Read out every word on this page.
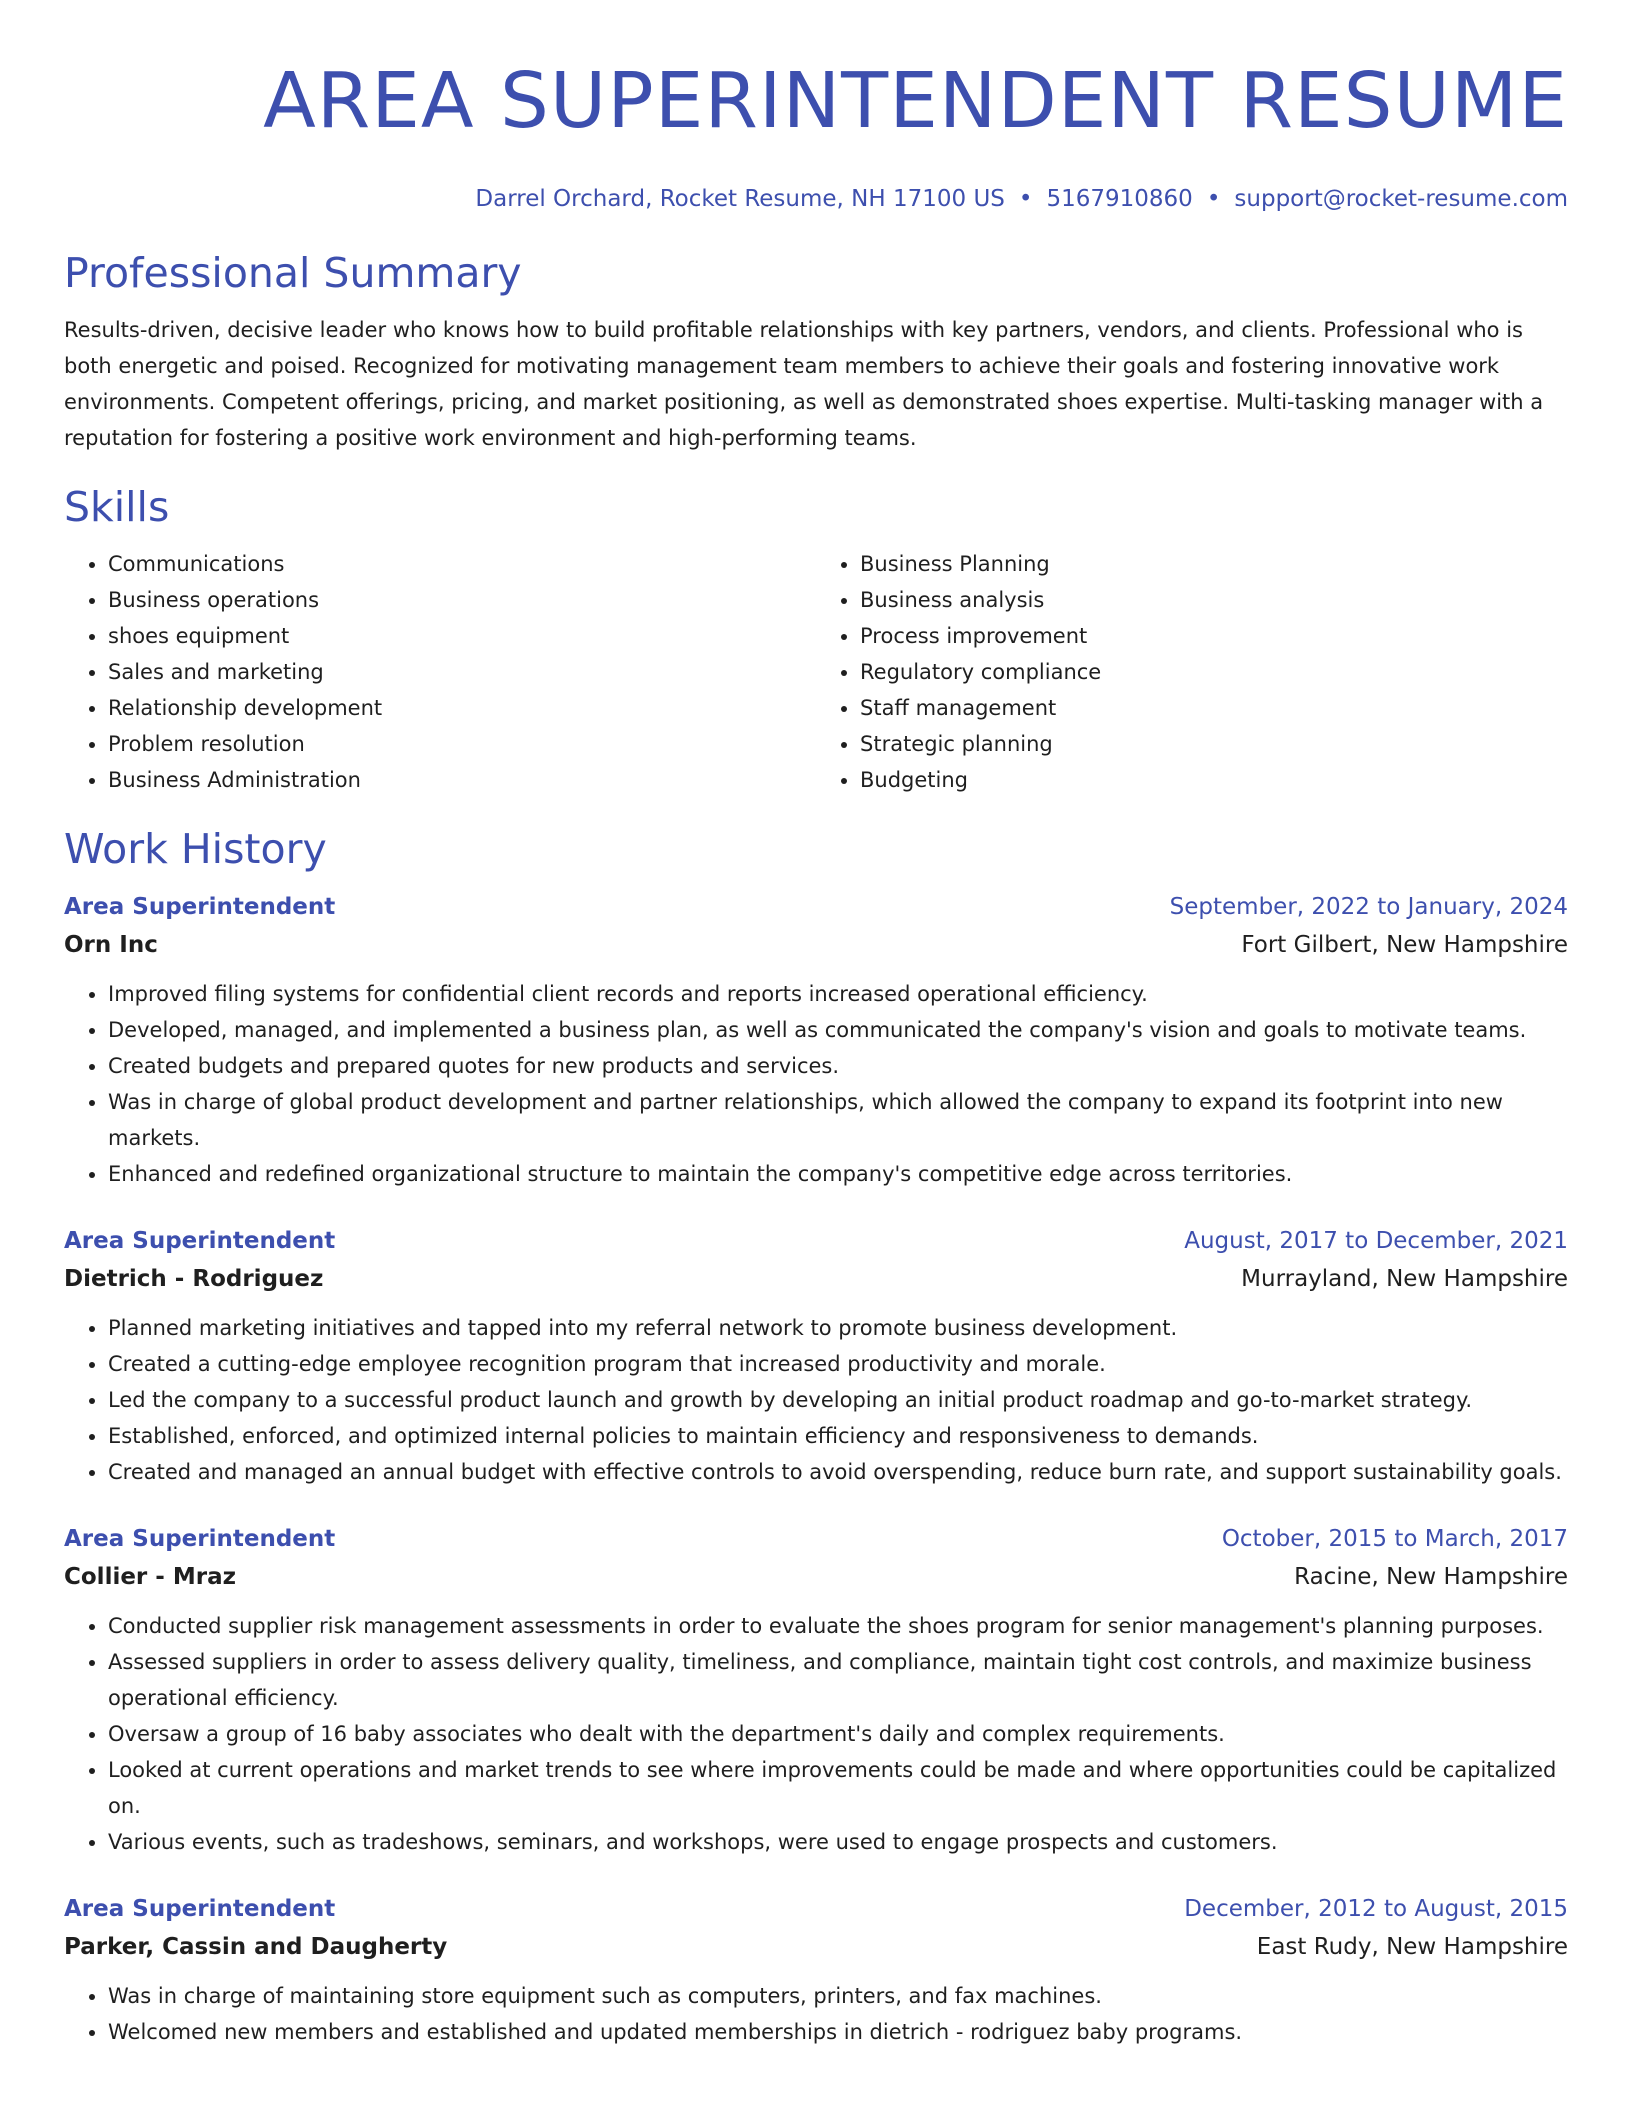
AREA SUPERINTENDENT RESUME
Darrel Orchard, Rocket Resume, NH 17100 US • 5167910860 • support@rocket-resume.com
Professional Summary

Results-driven, decisive leader who knows how to build profitable relationships with key partners, vendors, and clients. Professional who is both energetic and poised. Recognized for motivating management team members to achieve their goals and fostering innovative work environments. Competent offerings, pricing, and market positioning, as well as demonstrated shoes expertise. Multi-tasking manager with a reputation for fostering a positive work environment and high-performing teams.

Skills
• Communications
• Business operations
• shoes equipment
• Sales and marketing
• Relationship development
• Problem resolution
• Business Administration
• Business Planning
• Business analysis
• Process improvement
• Regulatory compliance
• Staff management
• Strategic planning
• Budgeting
Work History
Area Superintendent	September, 2022 to January, 2024
Orn Inc	Fort Gilbert, New Hampshire
• Improved filing systems for confidential client records and reports increased operational efficiency.
• Developed, managed, and implemented a business plan, as well as communicated the company's vision and goals to motivate teams.
• Created budgets and prepared quotes for new products and services.
• Was in charge of global product development and partner relationships, which allowed the company to expand its footprint into new markets.
• Enhanced and redefined organizational structure to maintain the company's competitive edge across territories.
Area Superintendent	August, 2017 to December, 2021
Dietrich - Rodriguez	Murrayland, New Hampshire
• Planned marketing initiatives and tapped into my referral network to promote business development.
• Created a cutting-edge employee recognition program that increased productivity and morale.
• Led the company to a successful product launch and growth by developing an initial product roadmap and go-to-market strategy.
• Established, enforced, and optimized internal policies to maintain efficiency and responsiveness to demands.
• Created and managed an annual budget with effective controls to avoid overspending, reduce burn rate, and support sustainability goals.
Area Superintendent	October, 2015 to March, 2017
Collier - Mraz	Racine, New Hampshire
• Conducted supplier risk management assessments in order to evaluate the shoes program for senior management's planning purposes.
• Assessed suppliers in order to assess delivery quality, timeliness, and compliance, maintain tight cost controls, and maximize business operational efficiency.
• Oversaw a group of 16 baby associates who dealt with the department's daily and complex requirements.
• Looked at current operations and market trends to see where improvements could be made and where opportunities could be capitalized on.
• Various events, such as tradeshows, seminars, and workshops, were used to engage prospects and customers.
Area Superintendent	December, 2012 to August, 2015
Parker, Cassin and Daugherty	East Rudy, New Hampshire
• Was in charge of maintaining store equipment such as computers, printers, and fax machines.
• Welcomed new members and established and updated memberships in dietrich - rodriguez baby programs.
